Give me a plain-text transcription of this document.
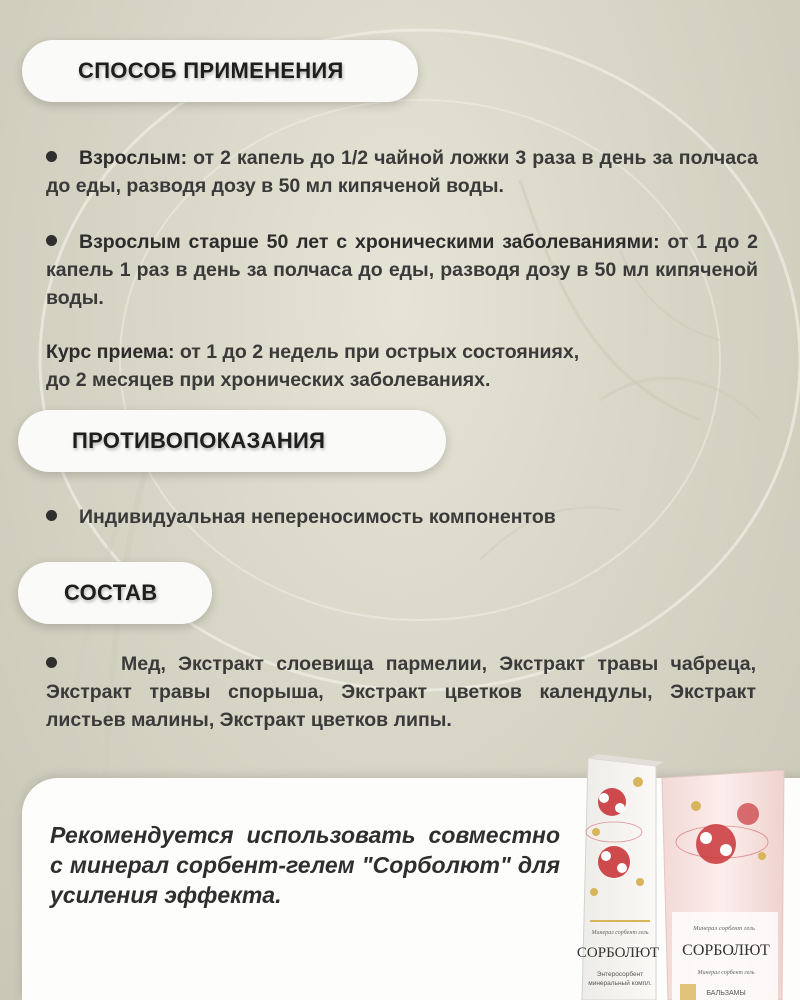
СПОСОБ ПРИМЕНЕНИЯ
Взрослым: от 2 капель до 1/2 чайной ложки 3 раза в день за полчаса до еды, разводя дозу в 50 мл кипяченой воды.
Взрослым старше 50 лет с хроническими заболеваниями: от 1 до 2 капель 1 раз в день за полчаса до еды, разводя дозу в 50 мл кипяченой воды.
Курс приема: от 1 до 2 недель при острых состояниях,
до 2 месяцев при хронических заболеваниях.
ПРОТИВОПОКАЗАНИЯ
Индивидуальная непереносимость компонентов
СОСТАВ
Мед, Экстракт слоевища пармелии, Экстракт травы чабреца, Экстракт травы спорыша, Экстракт цветков календулы, Экстракт листьев малины, Экстракт цветков липы.
Рекомендуется использовать совместно с минерал сорбент-гелем "Сорболют" для усиления эффекта.
Минерал сорбент гель
СОРБОЛЮТ
Энтеросорбент
минеральный компл.
Минерал сорбент гель
СОРБОЛЮТ
Минерал сорбент гель
БАЛЬЗАМЫ
